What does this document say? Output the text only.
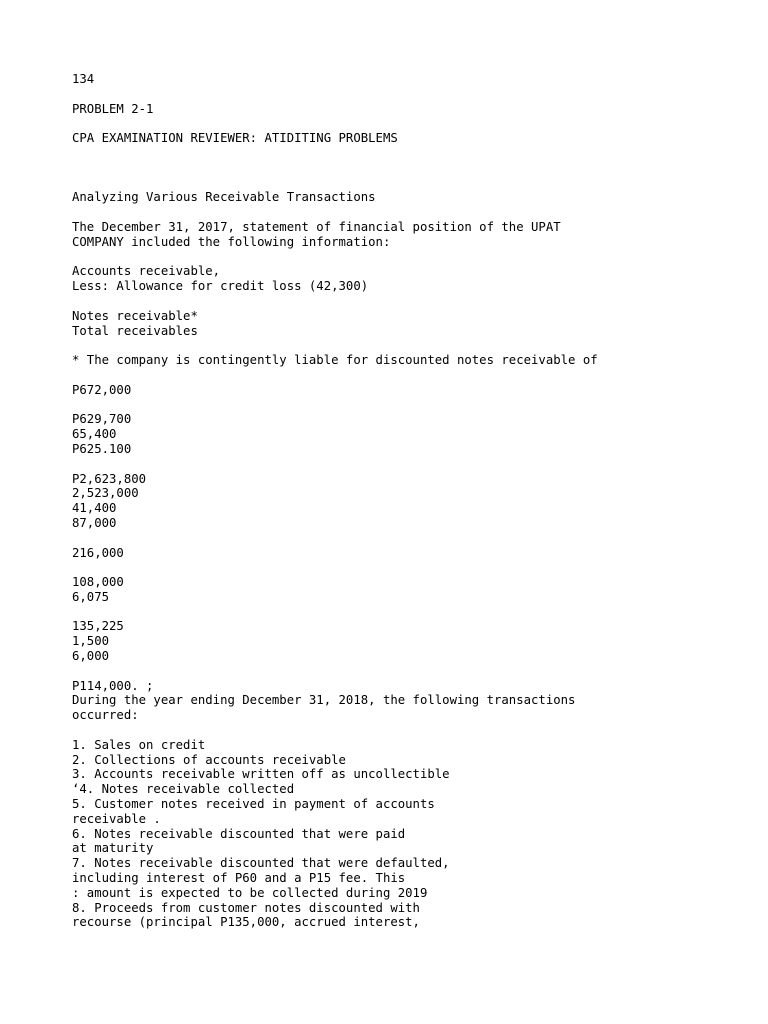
134
PROBLEM 2-1
CPA EXAMINATION REVIEWER: ATIDITING PROBLEMS
Analyzing Various Receivable Transactions
The December 31, 2017, statement of financial position of the UPAT
COMPANY included the following information:
Accounts receivable,
Less: Allowance for credit loss (42,300)
Notes receivable*
Total receivables
* The company is contingently liable for discounted notes receivable of
P672,000
P629,700
65,400
P625.100
P2,623,800
2,523,000
41,400
87,000
216,000
108,000
6,075
135,225
1,500
6,000
P114,000. ;
During the year ending December 31, 2018, the following transactions
occurred:
1. Sales on credit
2. Collections of accounts receivable
3. Accounts receivable written off as uncollectible
‘4. Notes receivable collected
5. Customer notes received in payment of accounts
receivable .
6. Notes receivable discounted that were paid
at maturity
7. Notes receivable discounted that were defaulted,
including interest of P60 and a P15 fee. This
: amount is expected to be collected during 2019
8. Proceeds from customer notes discounted with
recourse (principal P135,000, accrued interest,
